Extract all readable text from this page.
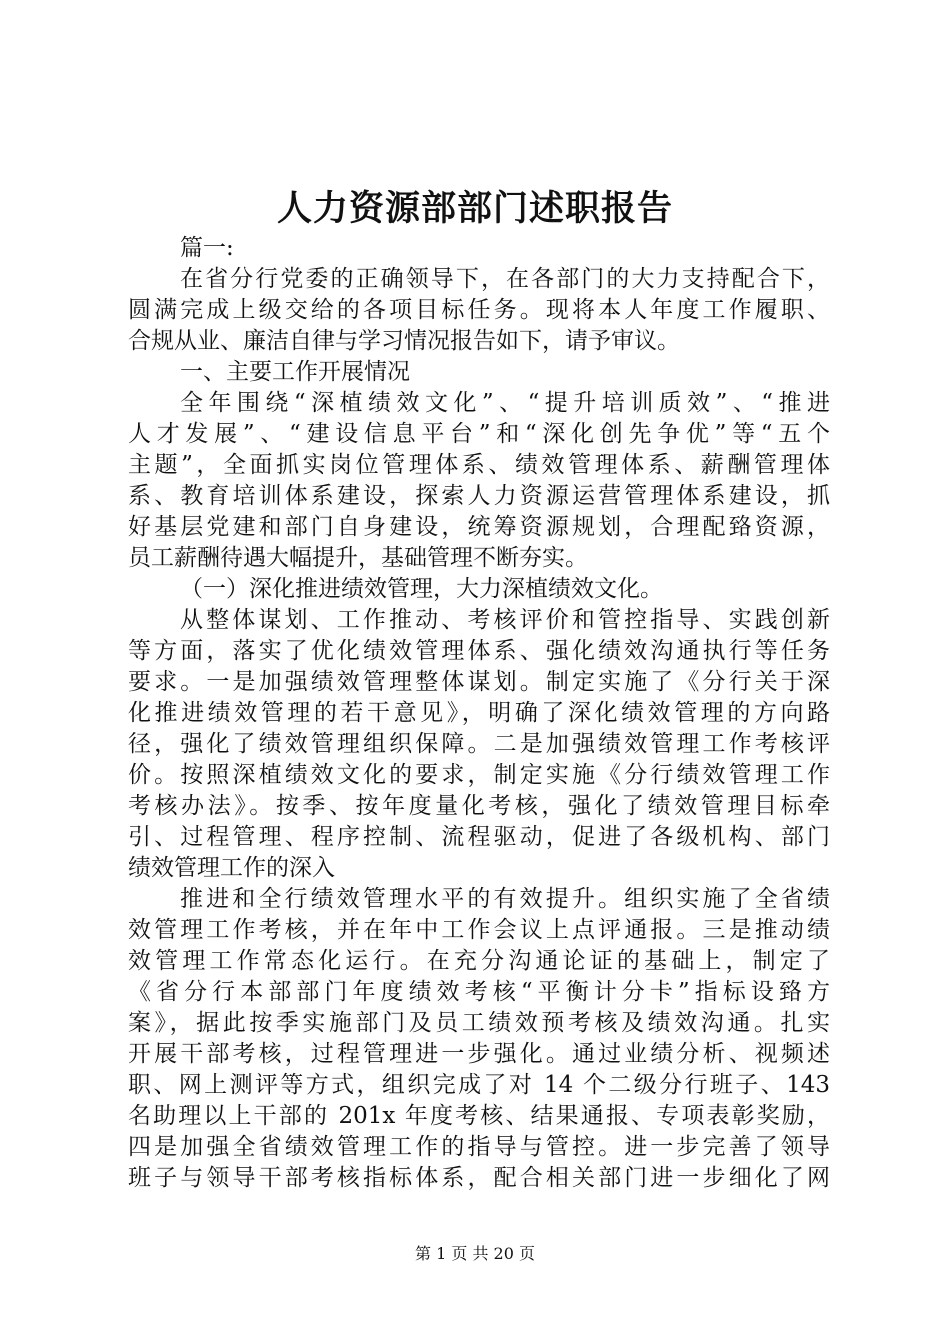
人力资源部部门述职报告
篇一:
在省分行党委的正确领导下，在各部门的大力支持配合下，
圆满完成上级交给的各项目标任务。现将本人年度工作履职、
合规从业、廉洁自律与学习情况报告如下，请予审议。
一、主要工作开展情况
全年围绕“深植绩效文化”、“提升培训质效”、“推进
人才发展”、“建设信息平台”和“深化创先争优”等“五个
主题”，全面抓实岗位管理体系、绩效管理体系、薪酬管理体
系、教育培训体系建设，探索人力资源运营管理体系建设，抓
好基层党建和部门自身建设，统筹资源规划，合理配臵资源，
员工薪酬待遇大幅提升，基础管理不断夯实。
（一）深化推进绩效管理，大力深植绩效文化。
从整体谋划、工作推动、考核评价和管控指导、实践创新
等方面，落实了优化绩效管理体系、强化绩效沟通执行等任务
要求。一是加强绩效管理整体谋划。制定实施了《分行关于深
化推进绩效管理的若干意见》，明确了深化绩效管理的方向路
径，强化了绩效管理组织保障。二是加强绩效管理工作考核评
价。按照深植绩效文化的要求，制定实施《分行绩效管理工作
考核办法》。按季、按年度量化考核，强化了绩效管理目标牵
引、过程管理、程序控制、流程驱动，促进了各级机构、部门
绩效管理工作的深入
推进和全行绩效管理水平的有效提升。组织实施了全省绩
效管理工作考核，并在年中工作会议上点评通报。三是推动绩
效管理工作常态化运行。在充分沟通论证的基础上，制定了
《省分行本部部门年度绩效考核“平衡计分卡”指标设臵方
案》，据此按季实施部门及员工绩效预考核及绩效沟通。扎实
开展干部考核，过程管理进一步强化。通过业绩分析、视频述
职、网上测评等方式，组织完成了对 14 个二级分行班子、143
名助理以上干部的 201x 年度考核、结果通报、专项表彰奖励，
四是加强全省绩效管理工作的指导与管控。进一步完善了领导
班子与领导干部考核指标体系，配合相关部门进一步细化了网
第 1 页 共 20 页
